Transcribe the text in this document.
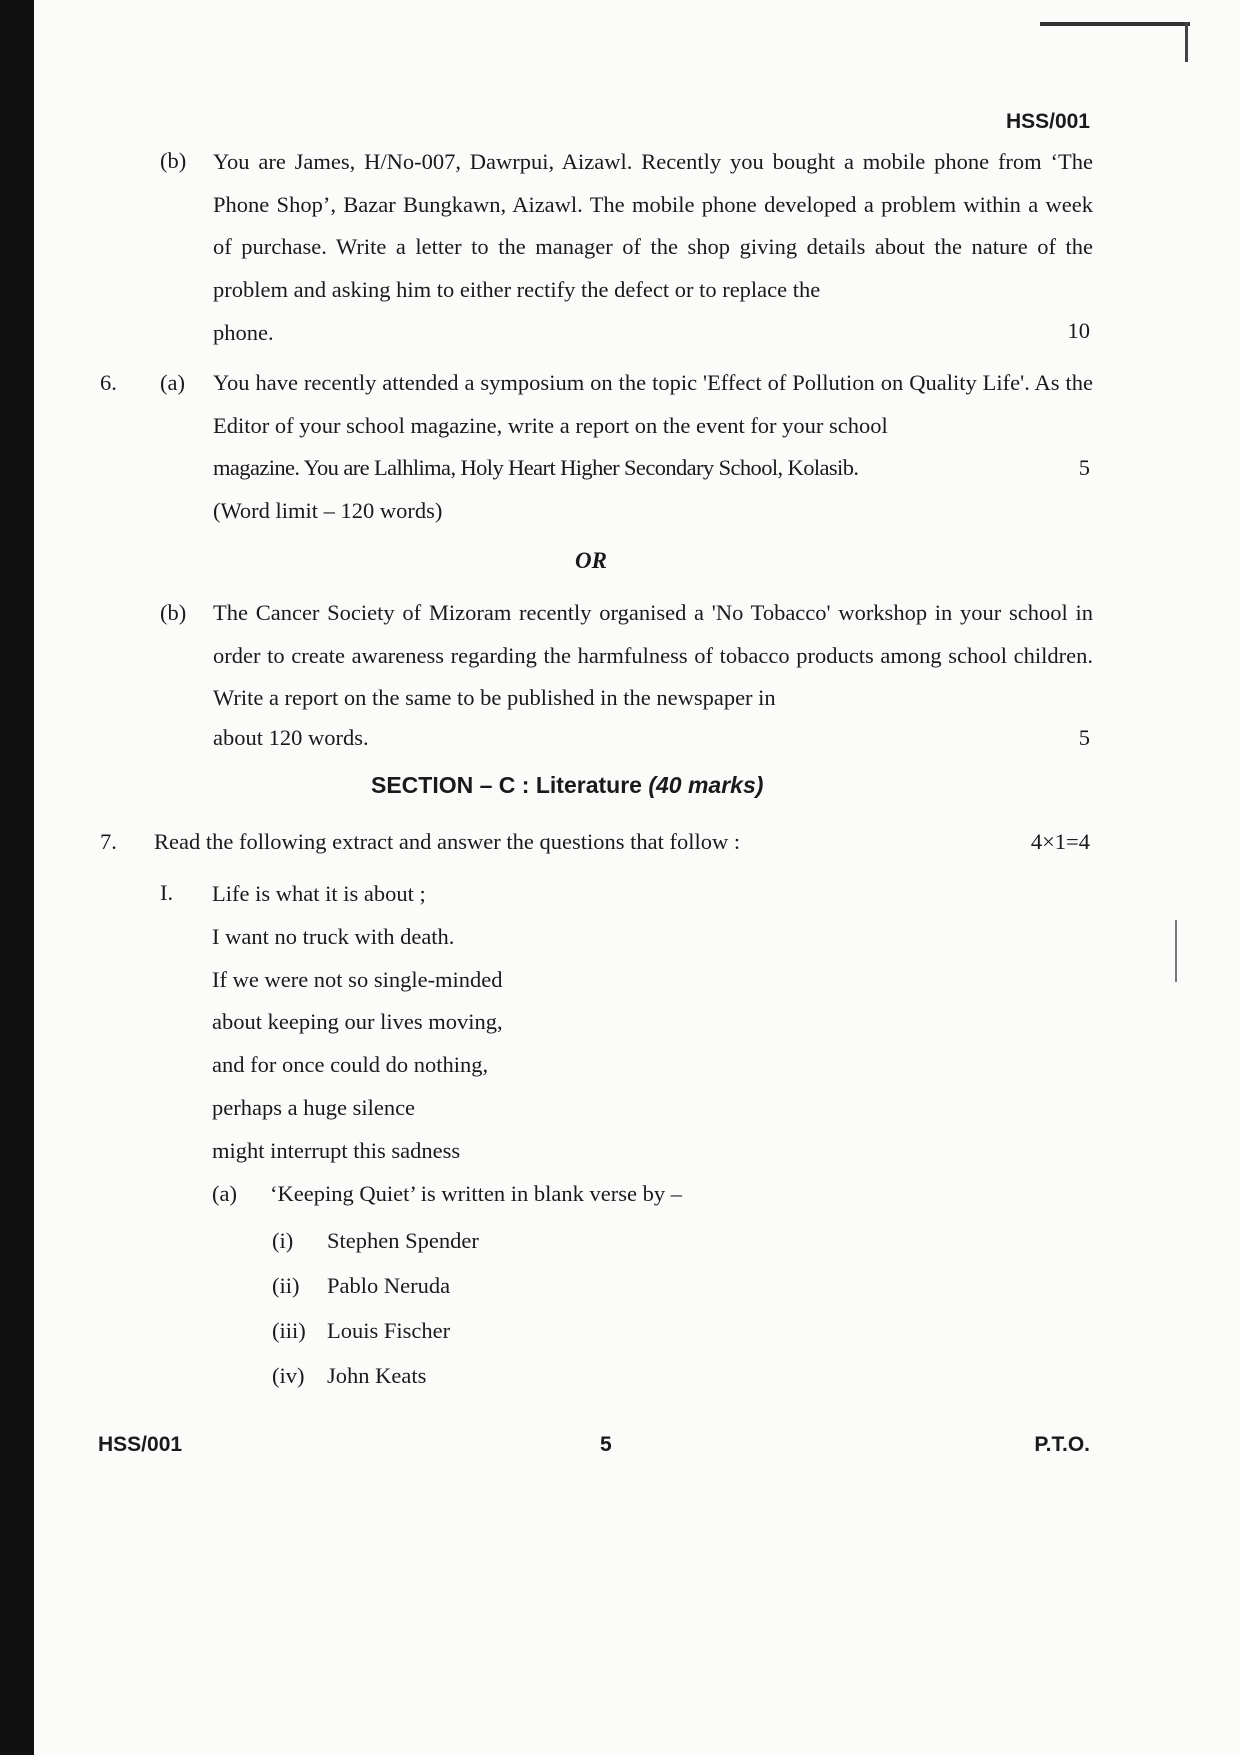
HSS/001
(b) You are James, H/No-007, Dawrpui, Aizawl. Recently you bought a mobile phone from ‘The Phone Shop’, Bazar Bungkawn, Aizawl. The mobile phone developed a problem within a week of purchase. Write a letter to the manager of the shop giving details about the nature of the problem and asking him to either rectify the defect or to replace the
phone.	10
6. (a) You have recently attended a symposium on the topic 'Effect of Pollution on Quality Life'. As the Editor of your school magazine, write a report on the event for your school
magazine. You are Lalhlima, Holy Heart Higher Secondary School, Kolasib.	5
(Word limit – 120 words)
OR
(b) The Cancer Society of Mizoram recently organised a 'No Tobacco' workshop in your school in order to create awareness regarding the harmfulness of tobacco products among school children. Write a report on the same to be published in the newspaper in
about 120 words.	5
SECTION – C : Literature (40 marks)
7. Read the following extract and answer the questions that follow :	4×1=4
I. Life is what it is about ;
I want no truck with death.
If we were not so single-minded
about keeping our lives moving,
and for once could do nothing,
perhaps a huge silence
might interrupt this sadness
(a) ‘Keeping Quiet’ is written in blank verse by –
(i) Stephen Spender
(ii) Pablo Neruda
(iii) Louis Fischer
(iv) John Keats
HSS/001	5	P.T.O.
